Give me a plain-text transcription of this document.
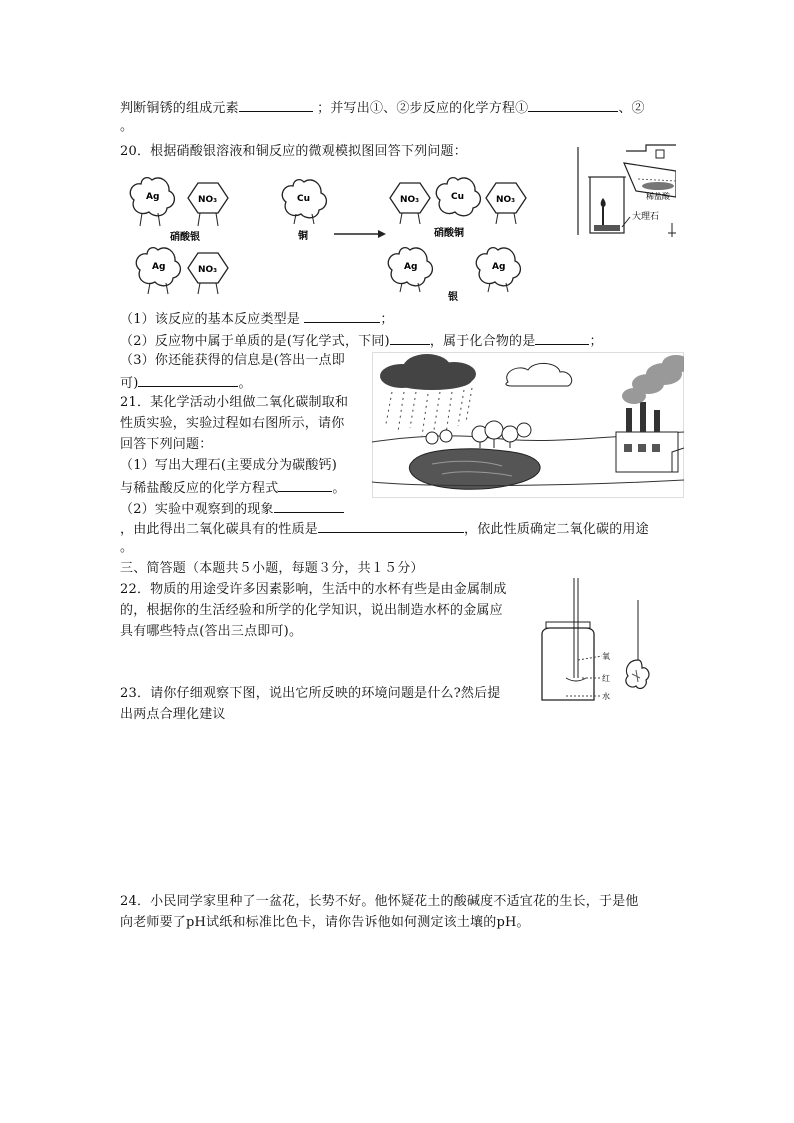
判断铜锈的组成元素	；并写出①、②步反应的化学方程①	、②
。
20．根据硝酸银溶液和铜反应的微观模拟图回答下列问题：
（1）该反应的基本反应类型是	；
（2）反应物中属于单质的是(写化学式，下同)	，属于化合物的是	；
（3）你还能获得的信息是(答出一点即
可)	。
21．某化学活动小组做二氧化碳制取和
性质实验，实验过程如右图所示，请你
回答下列问题：
（1）写出大理石(主要成分为碳酸钙)
与稀盐酸反应的化学方程式	。
（2）实验中观察到的现象
，由此得出二氧化碳具有的性质是	，依此性质确定二氧化碳的用途
。
三、简答题（本题共５小题，每题３分，共１５分）
22．物质的用途受许多因素影响，生活中的水杯有些是由金属制成
的，根据你的生活经验和所学的化学知识，说出制造水杯的金属应
具有哪些特点(答出三点即可)。
23．请你仔细观察下图，说出它所反映的环境问题是什么?然后提
出两点合理化建议
24．小民同学家里种了一盆花，长势不好。他怀疑花土的酸碱度不适宜花的生长，于是他
向老师要了pH试纸和标准比色卡，请你告诉他如何测定该土壤的pH。
Ag	NO₃
硝酸银
Ag	NO₃
Cu
铜
NO₃	Cu	NO₃
硝酸铜
Ag	Ag
银
稀盐酸
大理石
氧
红
水
